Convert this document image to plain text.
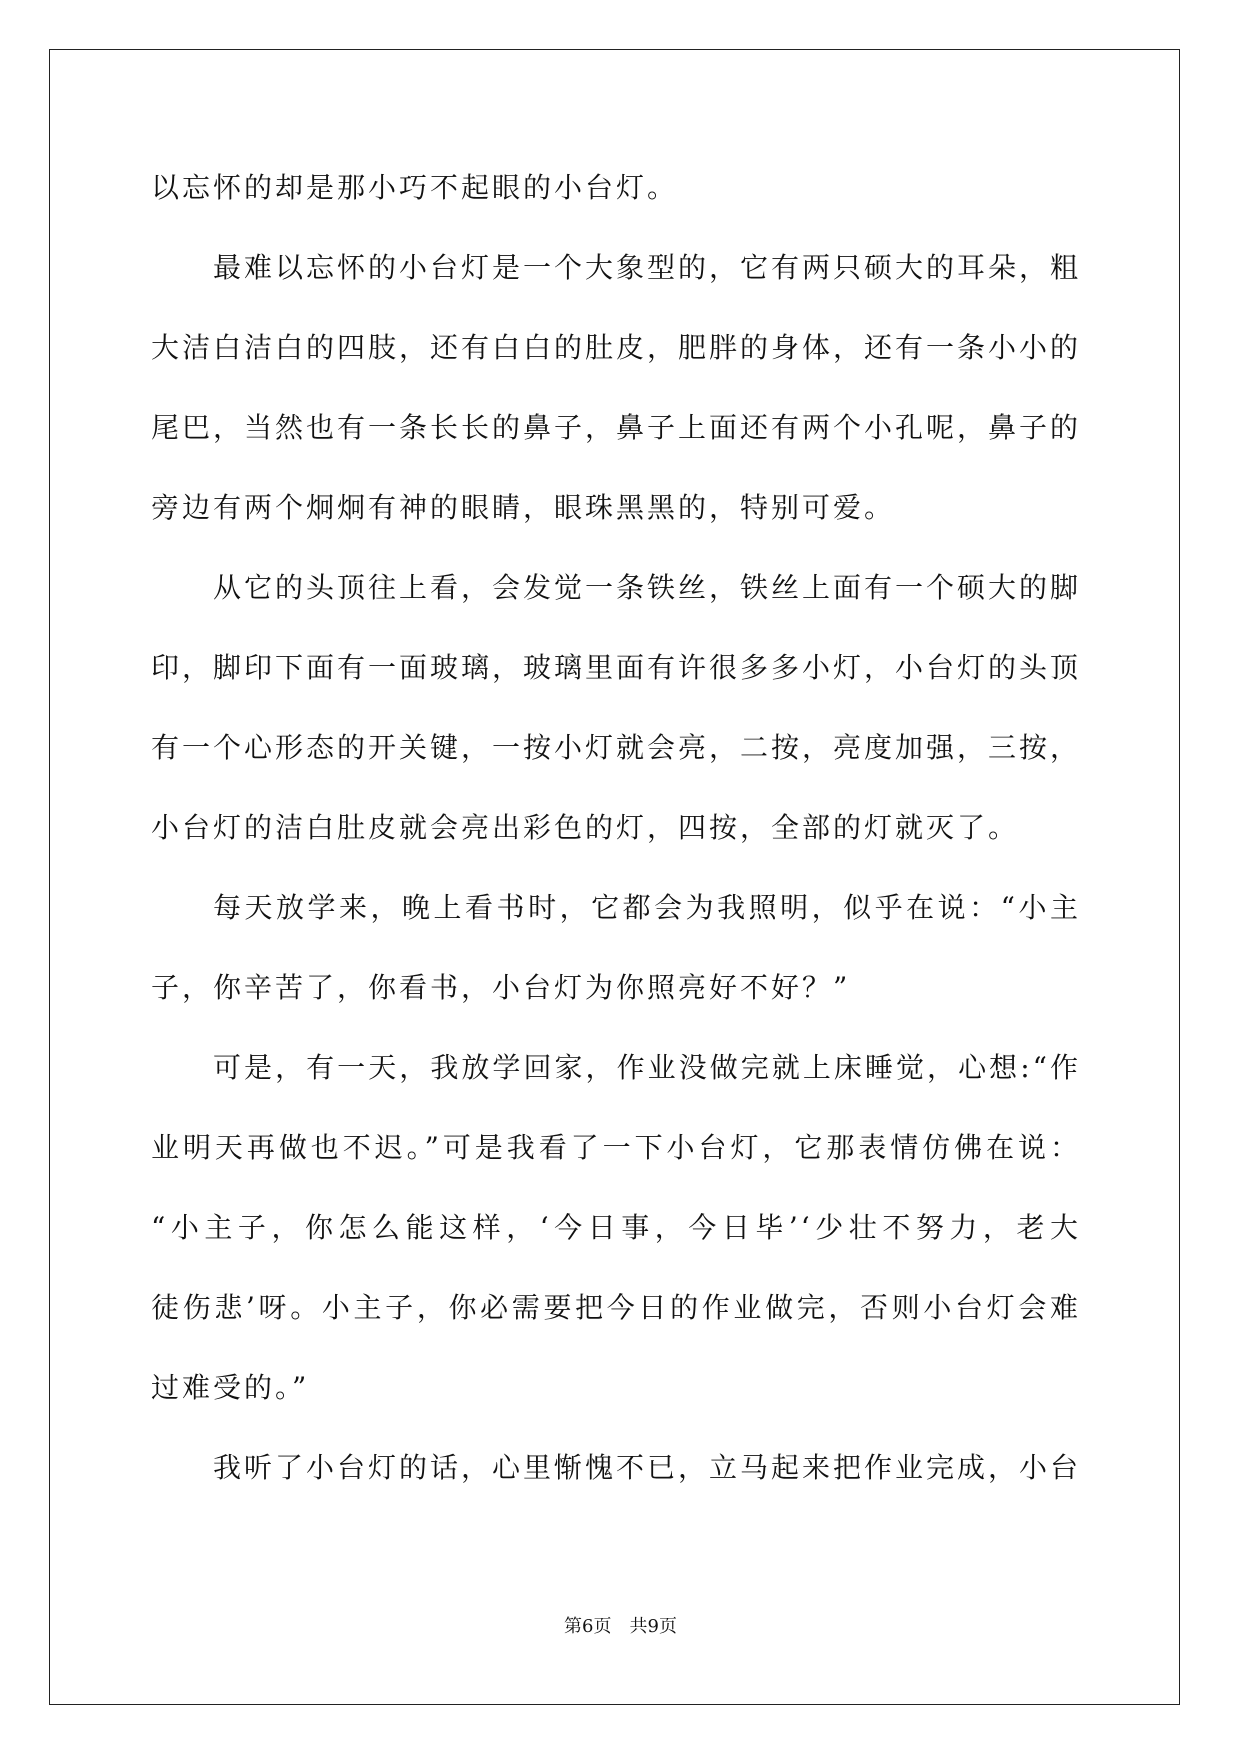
以忘怀的却是那小巧不起眼的小台灯。
最难以忘怀的小台灯是一个大象型的，它有两只硕大的耳朵，粗
大洁白洁白的四肢，还有白白的肚皮，肥胖的身体，还有一条小小的
尾巴，当然也有一条长长的鼻子，鼻子上面还有两个小孔呢，鼻子的
旁边有两个炯炯有神的眼睛，眼珠黑黑的，特别可爱。
从它的头顶往上看，会发觉一条铁丝，铁丝上面有一个硕大的脚
印，脚印下面有一面玻璃，玻璃里面有许很多多小灯，小台灯的头顶
有一个心形态的开关键，一按小灯就会亮，二按，亮度加强，三按，
小台灯的洁白肚皮就会亮出彩色的灯，四按，全部的灯就灭了。
每天放学来，晚上看书时，它都会为我照明，似乎在说：“小主
子，你辛苦了，你看书，小台灯为你照亮好不好？”
可是，有一天，我放学回家，作业没做完就上床睡觉，心想:“作
业明天再做也不迟。”可是我看了一下小台灯，它那表情仿佛在说：
“小主子，你怎么能这样，‘今日事，今日毕’‘少壮不努力，老大
徒伤悲’呀。小主子，你必需要把今日的作业做完，否则小台灯会难
过难受的。”
我听了小台灯的话，心里惭愧不已，立马起来把作业完成，小台
第6页　共9页
